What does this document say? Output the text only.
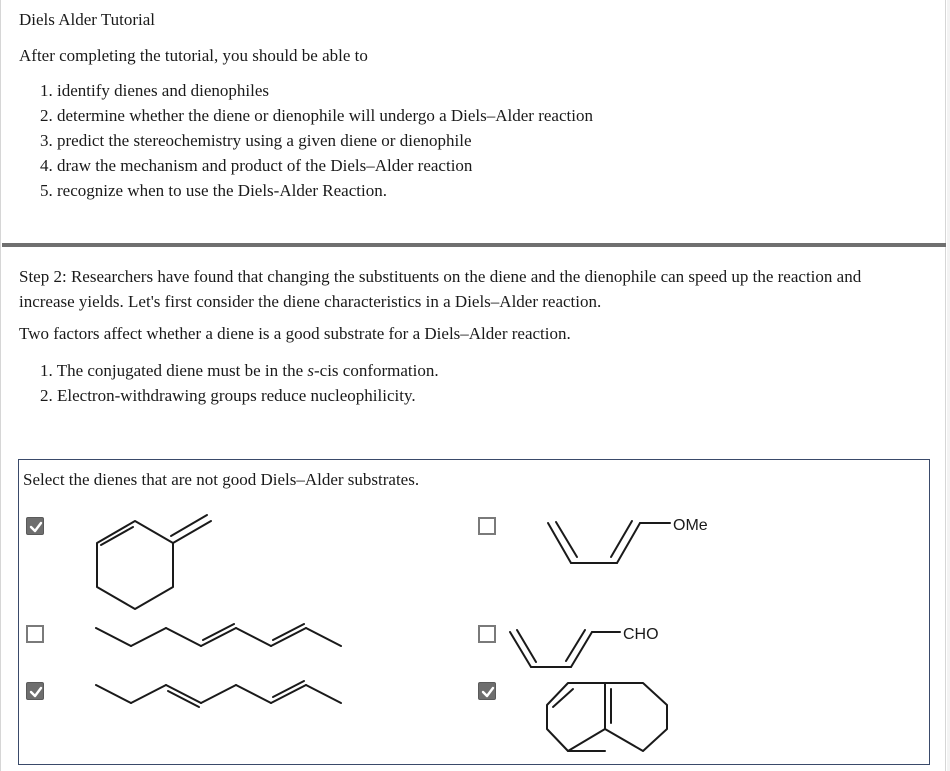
Diels Alder Tutorial
After completing the tutorial, you should be able to
1. identify dienes and dienophiles
2. determine whether the diene or dienophile will undergo a Diels–Alder reaction
3. predict the stereochemistry using a given diene or dienophile
4. draw the mechanism and product of the Diels–Alder reaction
5. recognize when to use the Diels-Alder Reaction.
Step 2: Researchers have found that changing the substituents on the diene and the dienophile can speed up the reaction and increase yields. Let's first consider the diene characteristics in a Diels–Alder reaction.
Two factors affect whether a diene is a good substrate for a Diels–Alder reaction.
1. The conjugated diene must be in the s-cis conformation.
2. Electron-withdrawing groups reduce nucleophilicity.
Select the dienes that are not good Diels–Alder substrates.
OMe
CHO
